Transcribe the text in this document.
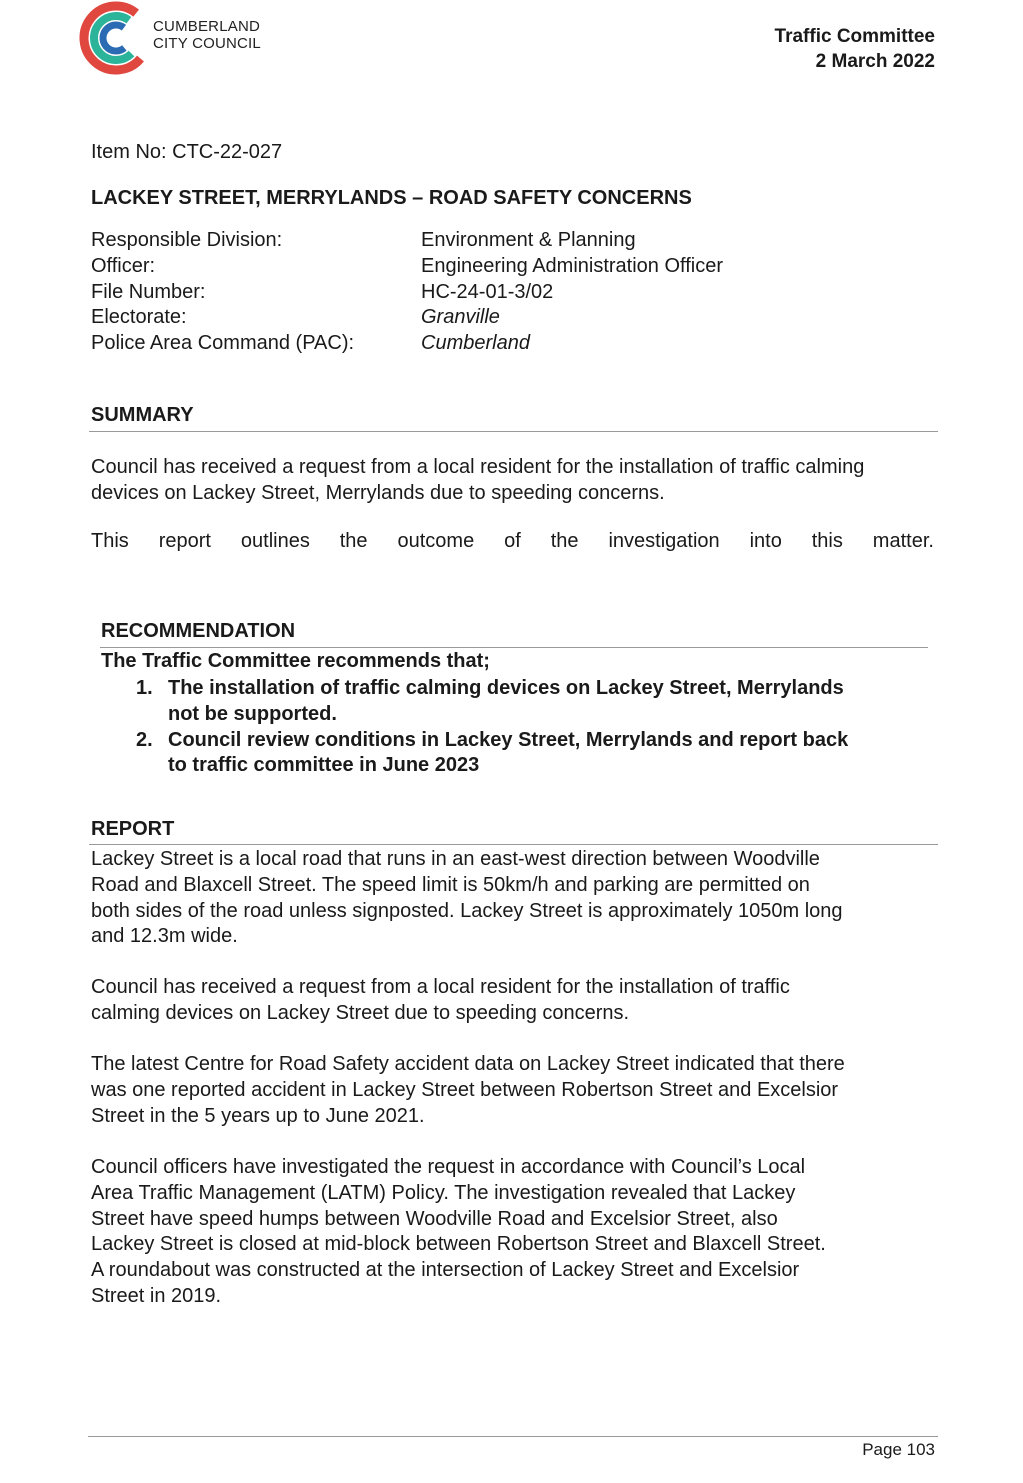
CUMBERLAND
CITY COUNCIL	Traffic Committee
2 March 2022
Item No: CTC-22-027
LACKEY STREET, MERRYLANDS – ROAD SAFETY CONCERNS
Responsible Division:	Environment & Planning
Officer:	Engineering Administration Officer
File Number:	HC-24-01-3/02
Electorate:	Granville
Police Area Command (PAC):	Cumberland
SUMMARY
Council has received a request from a local resident for the installation of traffic calming
devices on Lackey Street, Merrylands due to speeding concerns.
This report outlines the outcome of the investigation into this matter.
RECOMMENDATION
The Traffic Committee recommends that;
1. The installation of traffic calming devices on Lackey Street, Merrylands
not be supported.
2. Council review conditions in Lackey Street, Merrylands and report back
to traffic committee in June 2023
REPORT
Lackey Street is a local road that runs in an east-west direction between Woodville
Road and Blaxcell Street. The speed limit is 50km/h and parking are permitted on
both sides of the road unless signposted. Lackey Street is approximately 1050m long
and 12.3m wide.
Council has received a request from a local resident for the installation of traffic
calming devices on Lackey Street due to speeding concerns.
The latest Centre for Road Safety accident data on Lackey Street indicated that there
was one reported accident in Lackey Street between Robertson Street and Excelsior
Street in the 5 years up to June 2021.
Council officers have investigated the request in accordance with Council’s Local
Area Traffic Management (LATM) Policy. The investigation revealed that Lackey
Street have speed humps between Woodville Road and Excelsior Street, also
Lackey Street is closed at mid-block between Robertson Street and Blaxcell Street.
A roundabout was constructed at the intersection of Lackey Street and Excelsior
Street in 2019.
Page 103
